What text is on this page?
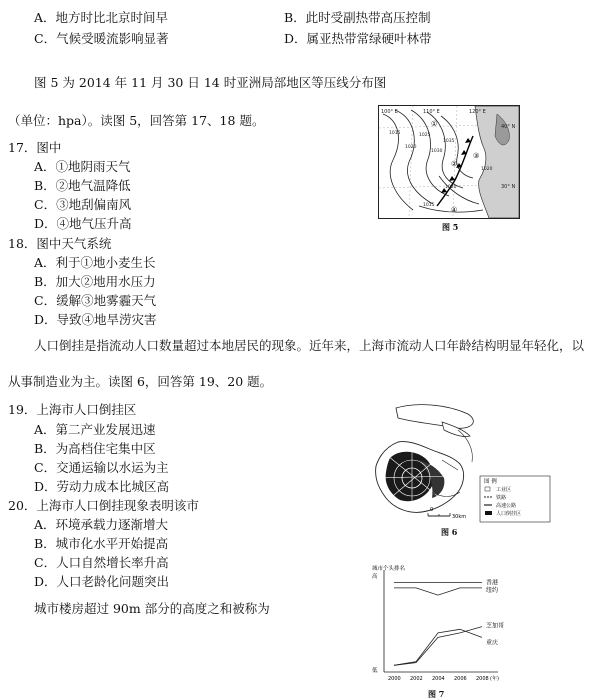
A．地方时比北京时间早	B．此时受副热带高压控制
C．气候受暖流影响显著	D．属亚热带常绿硬叶林带
图 5 为 2014 年 11 月 30 日 14 时亚洲局部地区等压线分布图
（单位：hpa）。读图 5，回答第 17、18 题。
17．图中
A．①地阴雨天气
B．②地气温降低
C．③地刮偏南风
D．④地气压升高
18．图中天气系统
A．利于①地小麦生长
B．加大②地用水压力
C．缓解③地雾霾天气
D．导致④地旱涝灾害
100° E	110° E	120° E
40° N
30° N
1015
1020
1025
1030
1035
1020
1015
1020
①
②
③
④
图 5
人口倒挂是指流动人口数量超过本地居民的现象。近年来，上海市流动人口年龄结构明显年轻化，以
从事制造业为主。读图 6，回答第 19、20 题。
19．上海市人口倒挂区
A．第二产业发展迅速
B．为高档住宅集中区
C．交通运输以水运为主
D．劳动力成本比城区高
20．上海市人口倒挂现象表明该市
A．环境承载力逐渐增大
B．城市化水平开始提高
C．人口自然增长率升高
D．人口老龄化问题突出
城市楼房超过 90m 部分的高度之和被称为
0
30km
图 例
工业区
铁路
高速公路
人口倒挂区
图 6
城市个头排名
高
低
2000 2002 2004 2006 2008 (年)
香港
纽约
芝加哥
重庆
图 7
